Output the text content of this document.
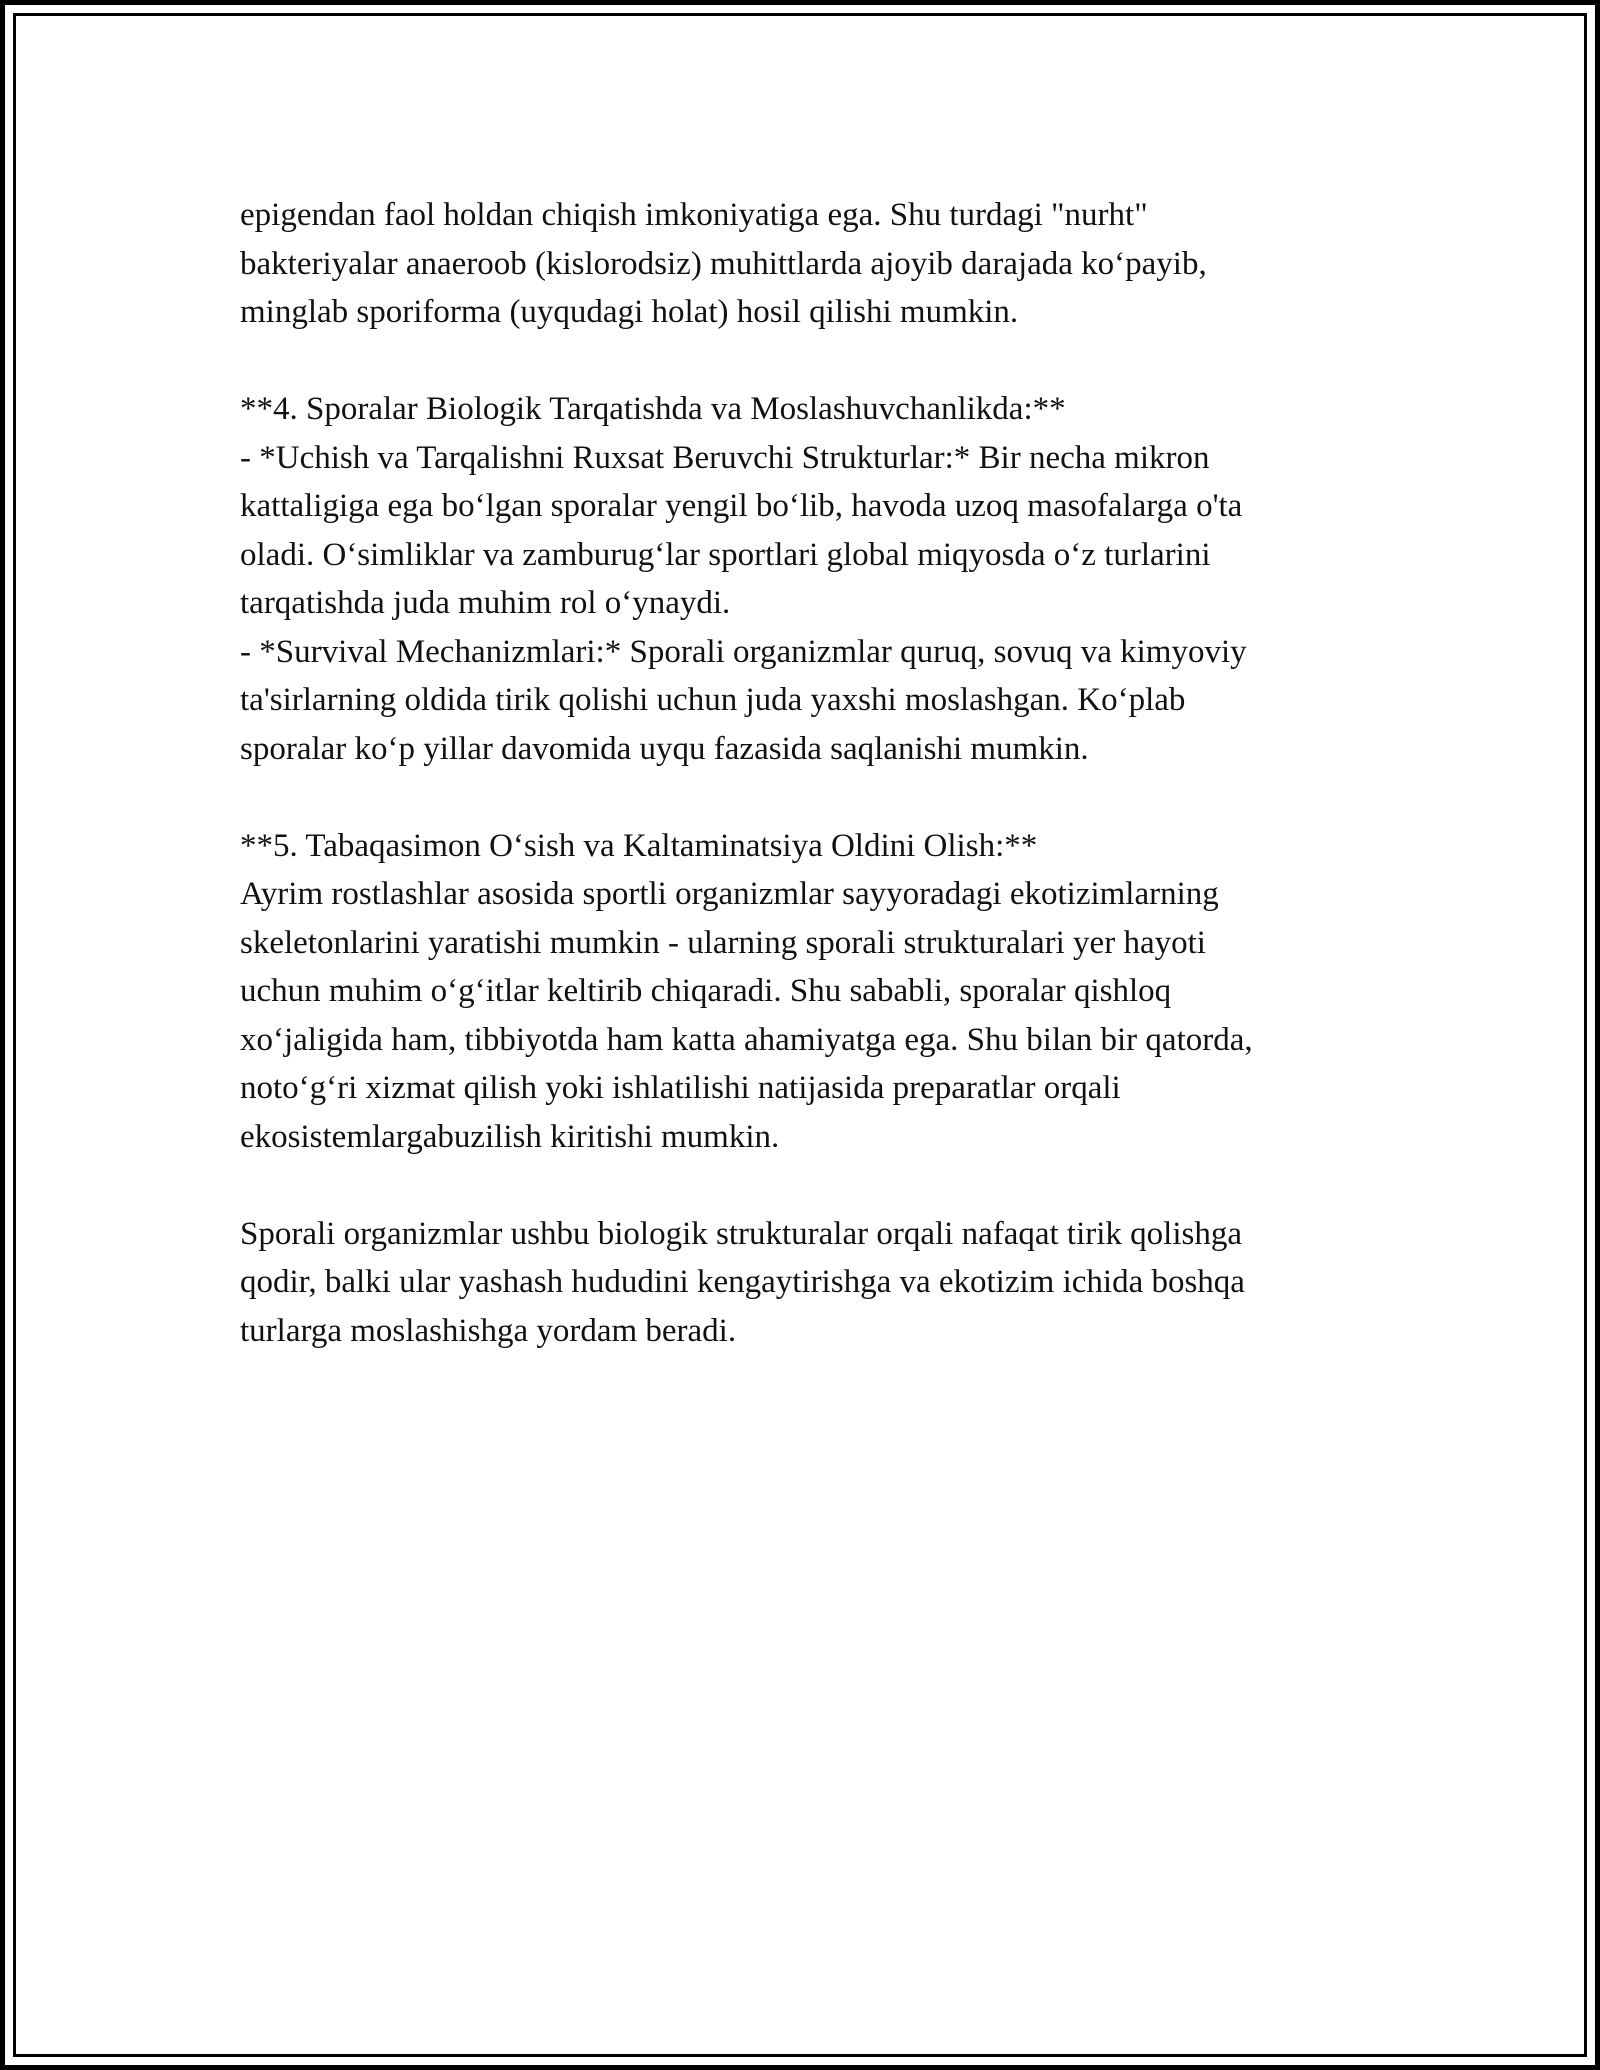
epigendan faol holdan chiqish imkoniyatiga ega. Shu turdagi "nurht"
bakteriyalar anaeroob (kislorodsiz) muhittlarda ajoyib darajada ko‘payib,
minglab sporiforma (uyqudagi holat) hosil qilishi mumkin.
**4. Sporalar Biologik Tarqatishda va Moslashuvchanlikda:**
- *Uchish va Tarqalishni Ruxsat Beruvchi Strukturlar:* Bir necha mikron
kattaligiga ega bo‘lgan sporalar yengil bo‘lib, havoda uzoq masofalarga o'ta
oladi. O‘simliklar va zamburug‘lar sportlari global miqyosda o‘z turlarini
tarqatishda juda muhim rol o‘ynaydi.
- *Survival Mechanizmlari:* Sporali organizmlar quruq, sovuq va kimyoviy
ta'sirlarning oldida tirik qolishi uchun juda yaxshi moslashgan. Ko‘plab
sporalar ko‘p yillar davomida uyqu fazasida saqlanishi mumkin.
**5. Tabaqasimon O‘sish va Kaltaminatsiya Oldini Olish:**
Ayrim rostlashlar asosida sportli organizmlar sayyoradagi ekotizimlarning
skeletonlarini yaratishi mumkin - ularning sporali strukturalari yer hayoti
uchun muhim o‘g‘itlar keltirib chiqaradi. Shu sababli, sporalar qishloq
xo‘jaligida ham, tibbiyotda ham katta ahamiyatga ega. Shu bilan bir qatorda,
noto‘g‘ri xizmat qilish yoki ishlatilishi natijasida preparatlar orqali
ekosistemlargabuzilish kiritishi mumkin.
Sporali organizmlar ushbu biologik strukturalar orqali nafaqat tirik qolishga
qodir, balki ular yashash hududini kengaytirishga va ekotizim ichida boshqa
turlarga moslashishga yordam beradi.
